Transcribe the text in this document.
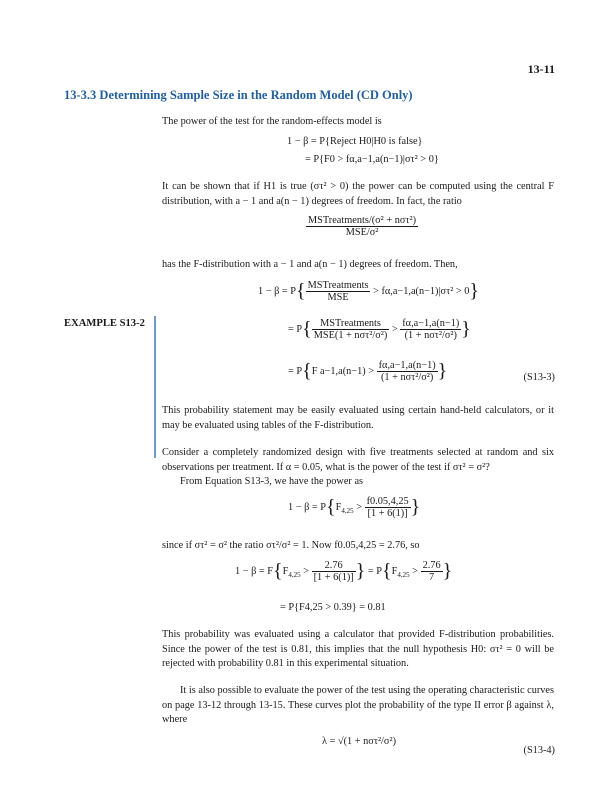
13-11
13-3.3 Determining Sample Size in the Random Model (CD Only)

The power of the test for the random-effects model is

1 − β = P{Reject H0|H0 is false}
= P{F0 > fα,a−1,a(n−1)|στ² > 0}

It can be shown that if H1 is true (στ² > 0) the power can be computed using the central F distribution, with a − 1 and a(n − 1) degrees of freedom. In fact, the ratio

$\frac{\text{MSTreatments/(σ² + nστ²)}}{\text{MSE/σ²}}$

has the F-distribution with a − 1 and a(n − 1) degrees of freedom. Then,

$1 - \beta = P\{ \frac{\text{MSTreatments}}{\text{MSE}} > f\alpha,a-1,a(n-1)|\sigma\tau^2 > 0\}$
= $P\{ \frac{\text{MSTreatments}}{\text{MSE(1 + nστ²/σ²)}} > \frac{f\alpha,a-1,a(n-1)}{\text{(1 + nστ²/σ²)}}$ }
= P{F $a-1,a(n-1) > \frac{f\alpha,a-1,a(n-1)}{\text{(1 + nστ²/σ²)}}$ }	(S13-3)

This probability statement may be easily evaluated using certain hand-held calculators, or it may be evaluated using tables of the F-distribution.

EXAMPLE S13-2

Consider a completely randomized design with five treatments selected at random and six observations per treatment. If α = 0.05, what is the power of the test if στ² = σ²?

From Equation S13-3, we have the power as

$1 - \beta = P\{F_{4,25} > \frac{f0.05,4,25}{[1 + 6(1)]}$ }

since if στ² = σ² the ratio στ²/σ² = 1. Now f0.05,4,25 = 2.76, so

$1 - \beta = F\{F_{4,25} > \frac{2.76}{[1 + 6(1)]}$ } = $P\{F_{4,25} > \frac{2.76}{7}$ }
= P{F4,25 > 0.39} = 0.81

This probability was evaluated using a calculator that provided F-distribution probabilities. Since the power of the test is 0.81, this implies that the null hypothesis H0: στ² = 0 will be rejected with probability 0.81 in this experimental situation.

It is also possible to evaluate the power of the test using the operating characteristic curves on page 13-12 through 13-15. These curves plot the probability of the type II error β against λ, where

λ = √(1 + nστ²/σ²)
(S13-4)
